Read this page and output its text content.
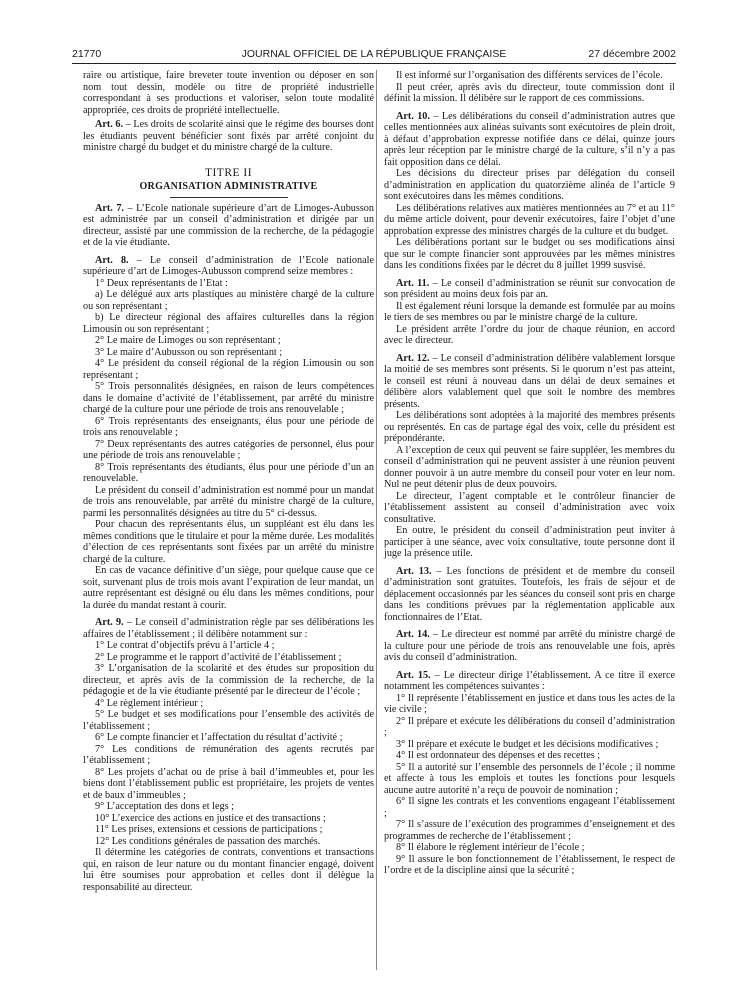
21770	JOURNAL OFFICIEL DE LA RÉPUBLIQUE FRANÇAISE	27 décembre 2002

raire ou artistique, faire breveter toute invention ou déposer en son nom tout dessin, modèle ou titre de propriété industrielle correspondant à ses productions et valoriser, selon toute modalité appropriée, ces droits de propriété intellectuelle.

Art. 6. – Les droits de scolarité ainsi que le régime des bourses dont les étudiants peuvent bénéficier sont fixés par arrêté conjoint du ministre chargé du budget et du ministre chargé de la culture.

TITRE II
ORGANISATION ADMINISTRATIVE

Art. 7. – L’Ecole nationale supérieure d’art de Limoges-Aubusson est administrée par un conseil d’administration et dirigée par un directeur, assisté par une commission de la recherche, de la pédagogie et de la vie étudiante.

Art. 8. – Le conseil d’administration de l’Ecole nationale supérieure d’art de Limoges-Aubusson comprend seize membres :

1° Deux représentants de l’Etat :

a) Le délégué aux arts plastiques au ministère chargé de la culture ou son représentant ;

b) Le directeur régional des affaires culturelles dans la région Limousin ou son représentant ;

2° Le maire de Limoges ou son représentant ;

3° Le maire d’Aubusson ou son représentant ;

4° Le président du conseil régional de la région Limousin ou son représentant ;

5° Trois personnalités désignées, en raison de leurs compétences dans le domaine d’activité de l’établissement, par arrêté du ministre chargé de la culture pour une période de trois ans renouvelable ;

6° Trois représentants des enseignants, élus pour une période de trois ans renouvelable ;

7° Deux représentants des autres catégories de personnel, élus pour une période de trois ans renouvelable ;

8° Trois représentants des étudiants, élus pour une période d’un an renouvelable.

Le président du conseil d’administration est nommé pour un mandat de trois ans renouvelable, par arrêté du ministre chargé de la culture, parmi les personnalités désignées au titre du 5° ci-dessus.

Pour chacun des représentants élus, un suppléant est élu dans les mêmes conditions que le titulaire et pour la même durée. Les modalités d’élection de ces représentants sont fixées par un arrêté du ministre chargé de la culture.

En cas de vacance définitive d’un siège, pour quelque cause que ce soit, survenant plus de trois mois avant l’expiration de leur mandat, un autre représentant est désigné ou élu dans les mêmes conditions, pour la durée du mandat restant à courir.

Art. 9. – Le conseil d’administration règle par ses délibérations les affaires de l’établissement ; il délibère notamment sur :

1° Le contrat d’objectifs prévu à l’article 4 ;

2° Le programme et le rapport d’activité de l’établissement ;

3° L’organisation de la scolarité et des études sur proposition du directeur, et après avis de la commission de la recherche, de la pédagogie et de la vie étudiante présenté par le directeur de l’école ;

4° Le règlement intérieur ;

5° Le budget et ses modifications pour l’ensemble des activités de l’établissement ;

6° Le compte financier et l’affectation du résultat d’activité ;

7° Les conditions de rémunération des agents recrutés par l’établissement ;

8° Les projets d’achat ou de prise à bail d’immeubles et, pour les biens dont l’établissement public est propriétaire, les projets de ventes et de baux d’immeubles ;

9° L’acceptation des dons et legs ;

10° L’exercice des actions en justice et des transactions ;

11° Les prises, extensions et cessions de participations ;

12° Les conditions générales de passation des marchés.

Il détermine les catégories de contrats, conventions et transactions qui, en raison de leur nature ou du montant financier engagé, doivent lui être soumises pour approbation et celles dont il délègue la responsabilité au directeur.

Il est informé sur l’organisation des différents services de l’école.

Il peut créer, après avis du directeur, toute commission dont il définit la mission. Il délibère sur le rapport de ces commissions.

Art. 10. – Les délibérations du conseil d’administration autres que celles mentionnées aux alinéas suivants sont exécutoires de plein droit, à défaut d’approbation expresse notifiée dans ce délai, quinze jours après leur réception par le ministre chargé de la culture, s’il n’y a pas fait opposition dans ce délai.

Les décisions du directeur prises par délégation du conseil d’administration en application du quatorzième alinéa de l’article 9 sont exécutoires dans les mêmes conditions.

Les délibérations relatives aux matières mentionnées au 7° et au 11° du même article doivent, pour devenir exécutoires, faire l’objet d’une approbation expresse des ministres chargés de la culture et du budget.

Les délibérations portant sur le budget ou ses modifications ainsi que sur le compte financier sont approuvées par les mêmes ministres dans les conditions fixées par le décret du 8 juillet 1999 susvisé.

Art. 11. – Le conseil d’administration se réunit sur convocation de son président au moins deux fois par an.

Il est également réuni lorsque la demande est formulée par au moins le tiers de ses membres ou par le ministre chargé de la culture.

Le président arrête l’ordre du jour de chaque réunion, en accord avec le directeur.

Art. 12. – Le conseil d’administration délibère valablement lorsque la moitié de ses membres sont présents. Si le quorum n’est pas atteint, le conseil est réuni à nouveau dans un délai de deux semaines et délibère alors valablement quel que soit le nombre des membres présents.

Les délibérations sont adoptées à la majorité des membres présents ou représentés. En cas de partage égal des voix, celle du président est prépondérante.

A l’exception de ceux qui peuvent se faire suppléer, les membres du conseil d’administration qui ne peuvent assister à une réunion peuvent donner pouvoir à un autre membre du conseil pour voter en leur nom. Nul ne peut détenir plus de deux pouvoirs.

Le directeur, l’agent comptable et le contrôleur financier de l’établissement assistent au conseil d’administration avec voix consultative.

En outre, le président du conseil d’administration peut inviter à participer à une séance, avec voix consultative, toute personne dont il juge la présence utile.

Art. 13. – Les fonctions de président et de membre du conseil d’administration sont gratuites. Toutefois, les frais de séjour et de déplacement occasionnés par les séances du conseil sont pris en charge dans les conditions prévues par la réglementation applicable aux fonctionnaires de l’Etat.

Art. 14. – Le directeur est nommé par arrêté du ministre chargé de la culture pour une période de trois ans renouvelable une fois, après avis du conseil d’administration.

Art. 15. – Le directeur dirige l’établissement. A ce titre il exerce notamment les compétences suivantes :

1° Il représente l’établissement en justice et dans tous les actes de la vie civile ;

2° Il prépare et exécute les délibérations du conseil d’administration ;

3° Il prépare et exécute le budget et les décisions modificatives ;

4° Il est ordonnateur des dépenses et des recettes ;

5° Il a autorité sur l’ensemble des personnels de l’école ; il nomme et affecte à tous les emplois et toutes les fonctions pour lesquels aucune autre autorité n’a reçu de pouvoir de nomination ;

6° Il signe les contrats et les conventions engageant l’établissement ;

7° Il s’assure de l’exécution des programmes d’enseignement et des programmes de recherche de l’établissement ;

8° Il élabore le règlement intérieur de l’école ;

9° Il assure le bon fonctionnement de l’établissement, le respect de l’ordre et de la discipline ainsi que la sécurité ;
